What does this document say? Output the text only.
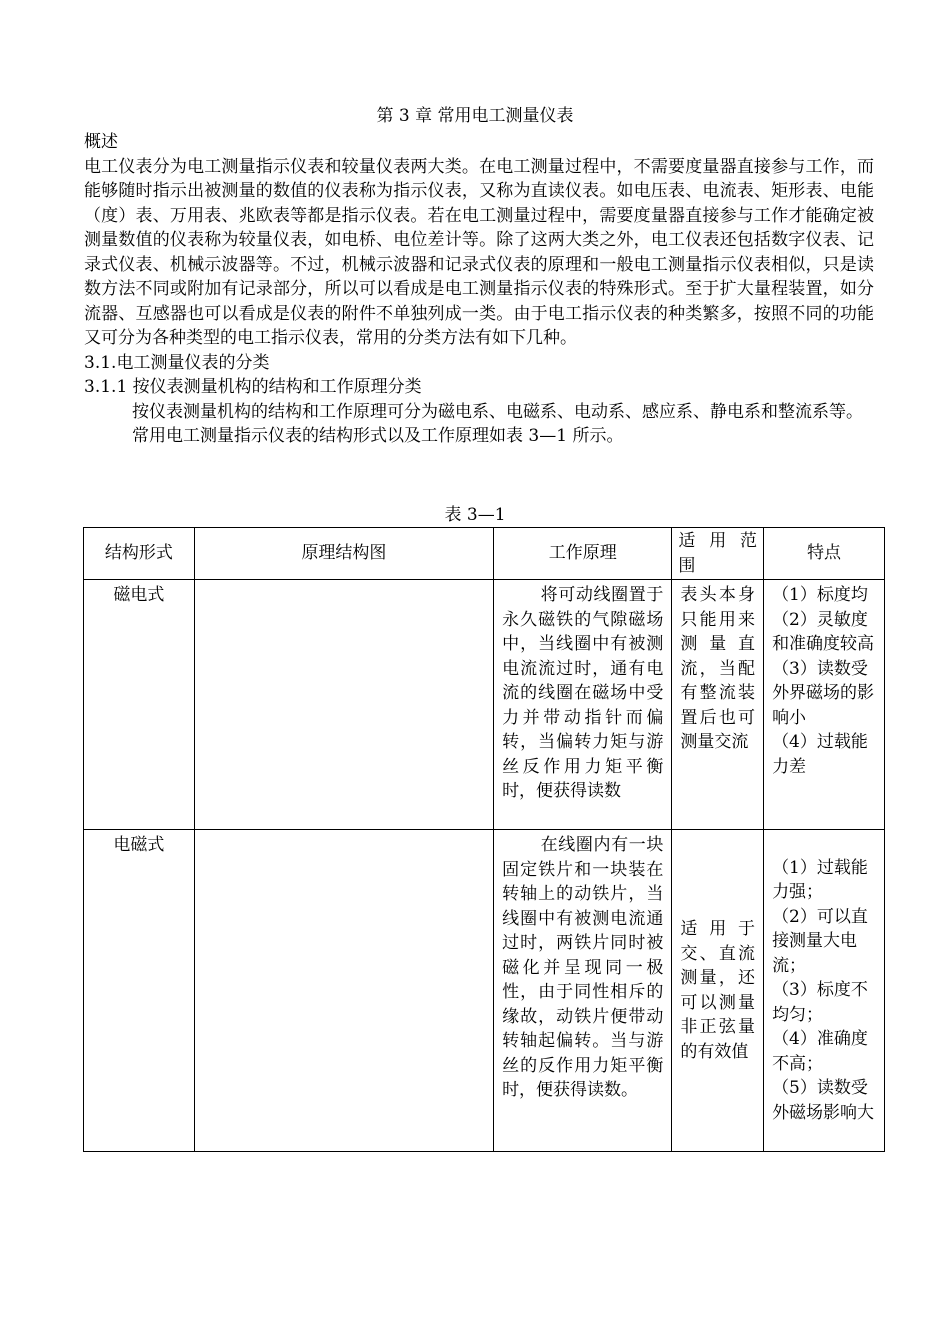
第 3 章 常用电工测量仪表

概述

电工仪表分为电工测量指示仪表和较量仪表两大类。在电工测量过程中，不需要度量器直接参与工作，而能够随时指示出被测量的数值的仪表称为指示仪表，又称为直读仪表。如电压表、电流表、矩形表、电能（度）表、万用表、兆欧表等都是指示仪表。若在电工测量过程中，需要度量器直接参与工作才能确定被测量数值的仪表称为较量仪表，如电桥、电位差计等。除了这两大类之外，电工仪表还包括数字仪表、记录式仪表、机械示波器等。不过，机械示波器和记录式仪表的原理和一般电工测量指示仪表相似，只是读数方法不同或附加有记录部分，所以可以看成是电工测量指示仪表的特殊形式。至于扩大量程装置，如分流器、互感器也可以看成是仪表的附件不单独列成一类。由于电工指示仪表的种类繁多，按照不同的功能又可分为各种类型的电工指示仪表，常用的分类方法有如下几种。

3.1.电工测量仪表的分类

3.1.1 按仪表测量机构的结构和工作原理分类

按仪表测量机构的结构和工作原理可分为磁电系、电磁系、电动系、感应系、静电系和整流系等。

常用电工测量指示仪表的结构形式以及工作原理如表 3—1 所示。

表 3—1
结构形式	原理结构图	工作原理	适 用 范 围	特点
磁电式		将可动线圈置于永久磁铁的气隙磁场中，当线圈中有被测电流流过时，通有电流的线圈在磁场中受力并带动指针而偏转，当偏转力矩与游丝反作用力矩平衡时，便获得读数	表头本身只能用来测量直流，当配有整流装置后也可测量交流	（1）标度均
（2）灵敏度和准确度较高
（3）读数受外界磁场的影响小
（4）过载能力差

电磁式		在线圈内有一块固定铁片和一块装在转轴上的动铁片，当线圈中有被测电流通过时，两铁片同时被磁化并呈现同一极性，由于同性相斥的缘故，动铁片便带动转轴起偏转。当与游丝的反作用力矩平衡时，便获得读数。	适用于交、直流测量，还可以测量非正弦量的有效值	（1）过载能力强；
（2）可以直接测量大电流；
（3）标度不均匀；
（4）准确度不高；
（5）读数受外磁场影响大
